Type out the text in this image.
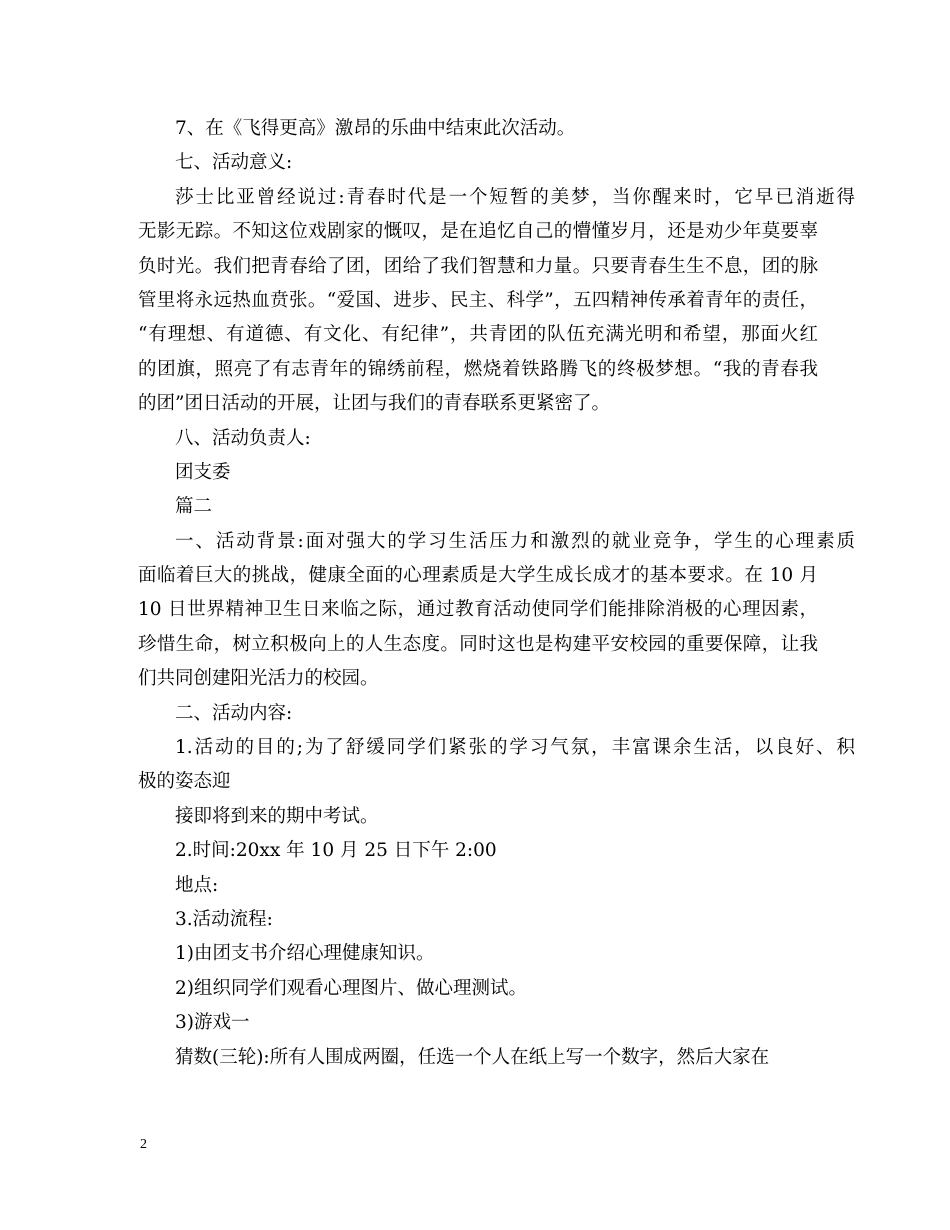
7、在《飞得更高》激昂的乐曲中结束此次活动。
七、活动意义:
莎士比亚曾经说过:青春时代是一个短暂的美梦，当你醒来时，它早已消逝得
无影无踪。不知这位戏剧家的慨叹，是在追忆自己的懵懂岁月，还是劝少年莫要辜
负时光。我们把青春给了团，团给了我们智慧和力量。只要青春生生不息，团的脉
管里将永远热血贲张。“爱国、进步、民主、科学”，五四精神传承着青年的责任，
“有理想、有道德、有文化、有纪律”，共青团的队伍充满光明和希望，那面火红
的团旗，照亮了有志青年的锦绣前程，燃烧着铁路腾飞的终极梦想。“我的青春我
的团”团日活动的开展，让团与我们的青春联系更紧密了。
八、活动负责人:
团支委
篇二
一、活动背景:面对强大的学习生活压力和激烈的就业竞争，学生的心理素质
面临着巨大的挑战，健康全面的心理素质是大学生成长成才的基本要求。在 10 月
10 日世界精神卫生日来临之际，通过教育活动使同学们能排除消极的心理因素，
珍惜生命，树立积极向上的人生态度。同时这也是构建平安校园的重要保障，让我
们共同创建阳光活力的校园。
二、活动内容:
1.活动的目的;为了舒缓同学们紧张的学习气氛，丰富课余生活，以良好、积
极的姿态迎
接即将到来的期中考试。
2.时间:20xx 年 10 月 25 日下午 2:00
地点:
3.活动流程:
1)由团支书介绍心理健康知识。
2)组织同学们观看心理图片、做心理测试。
3)游戏一
猜数(三轮):所有人围成两圈，任选一个人在纸上写一个数字，然后大家在
2
